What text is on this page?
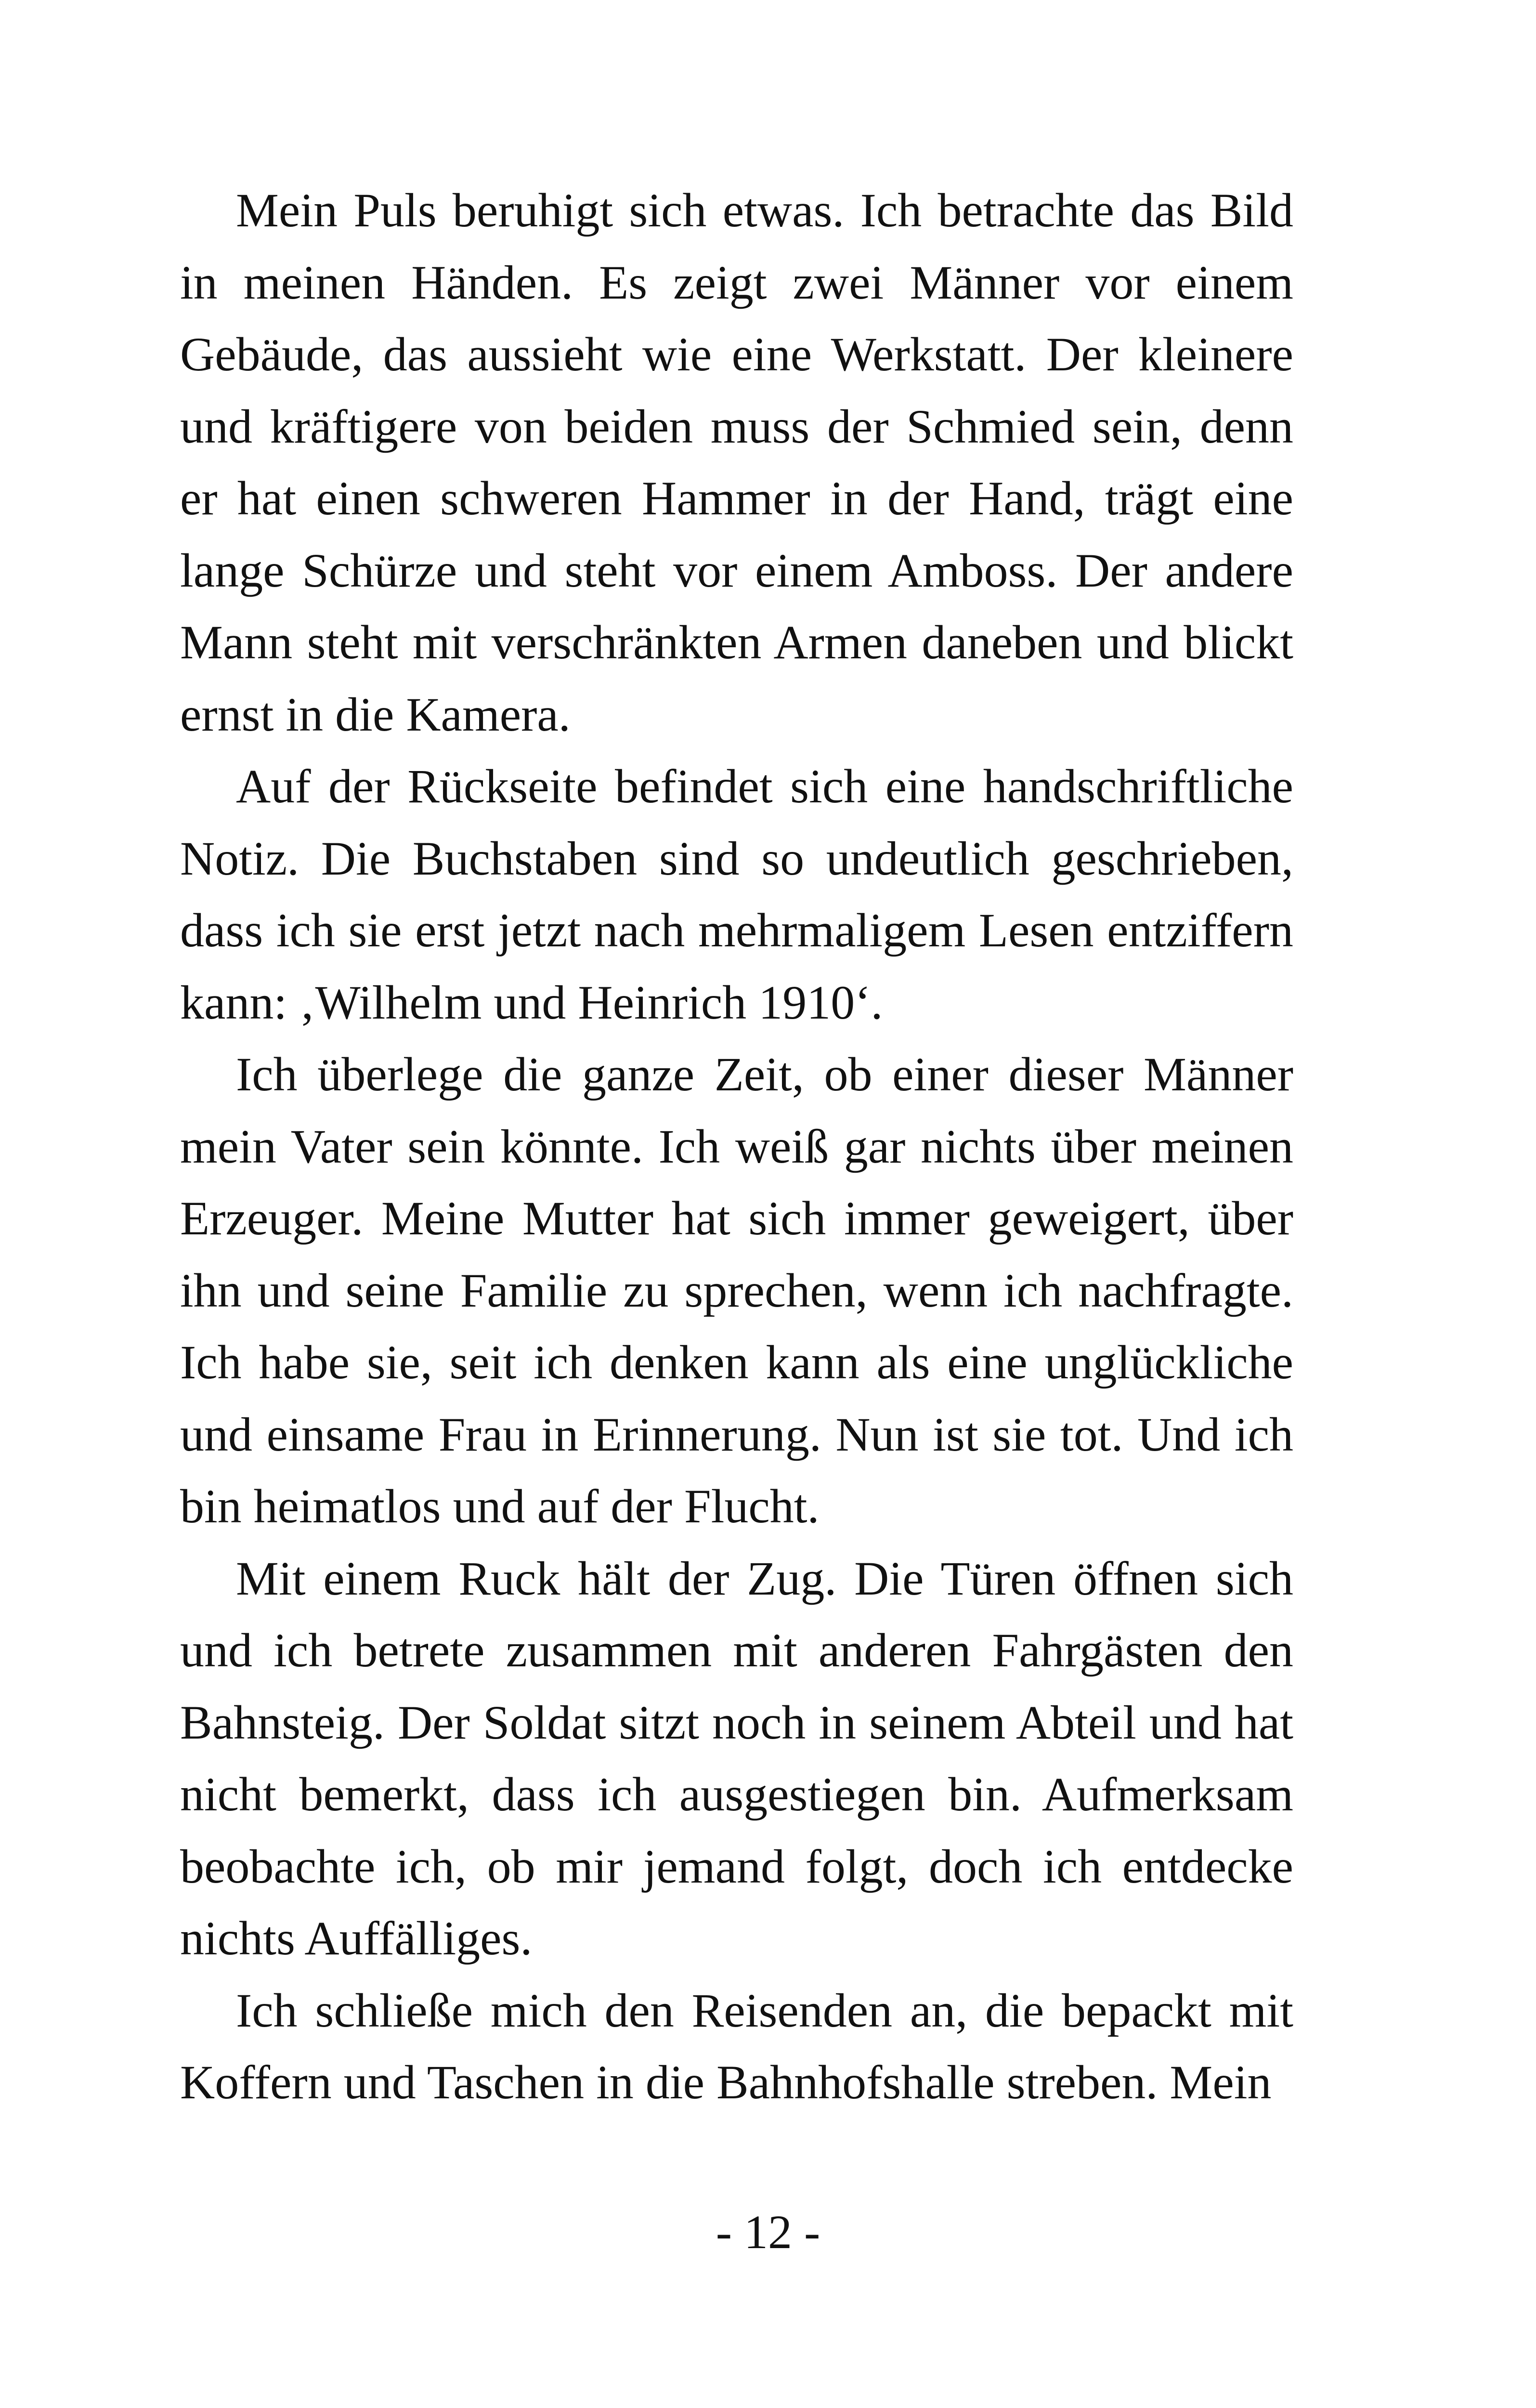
Mein Puls beruhigt sich etwas. Ich betrachte das Bild in meinen Händen. Es zeigt zwei Männer vor einem Gebäude, das aussieht wie eine Werkstatt. Der kleinere und kräftigere von beiden muss der Schmied sein, denn er hat einen schweren Hammer in der Hand, trägt eine lange Schürze und steht vor einem Amboss. Der andere Mann steht mit verschränkten Armen daneben und blickt ernst in die Kamera.

Auf der Rückseite befindet sich eine handschriftliche Notiz. Die Buchstaben sind so undeutlich geschrieben, dass ich sie erst jetzt nach mehrmaligem Lesen entziffern kann: ‚Wilhelm und Heinrich 1910‘.

Ich überlege die ganze Zeit, ob einer dieser Männer mein Vater sein könnte. Ich weiß gar nichts über meinen Erzeuger. Meine Mutter hat sich immer geweigert, über ihn und seine Familie zu sprechen, wenn ich nachfragte. Ich habe sie, seit ich denken kann als eine unglückliche und einsame Frau in Erinnerung. Nun ist sie tot. Und ich bin heimatlos und auf der Flucht.

Mit einem Ruck hält der Zug. Die Türen öffnen sich und ich betrete zusammen mit anderen Fahrgästen den Bahnsteig. Der Soldat sitzt noch in seinem Abteil und hat nicht bemerkt, dass ich ausgestiegen bin. Aufmerksam beobachte ich, ob mir jemand folgt, doch ich entdecke nichts Auffälliges.

Ich schließe mich den Reisenden an, die bepackt mit Koffern und Taschen in die Bahnhofshalle streben. Mein

- 12 -
